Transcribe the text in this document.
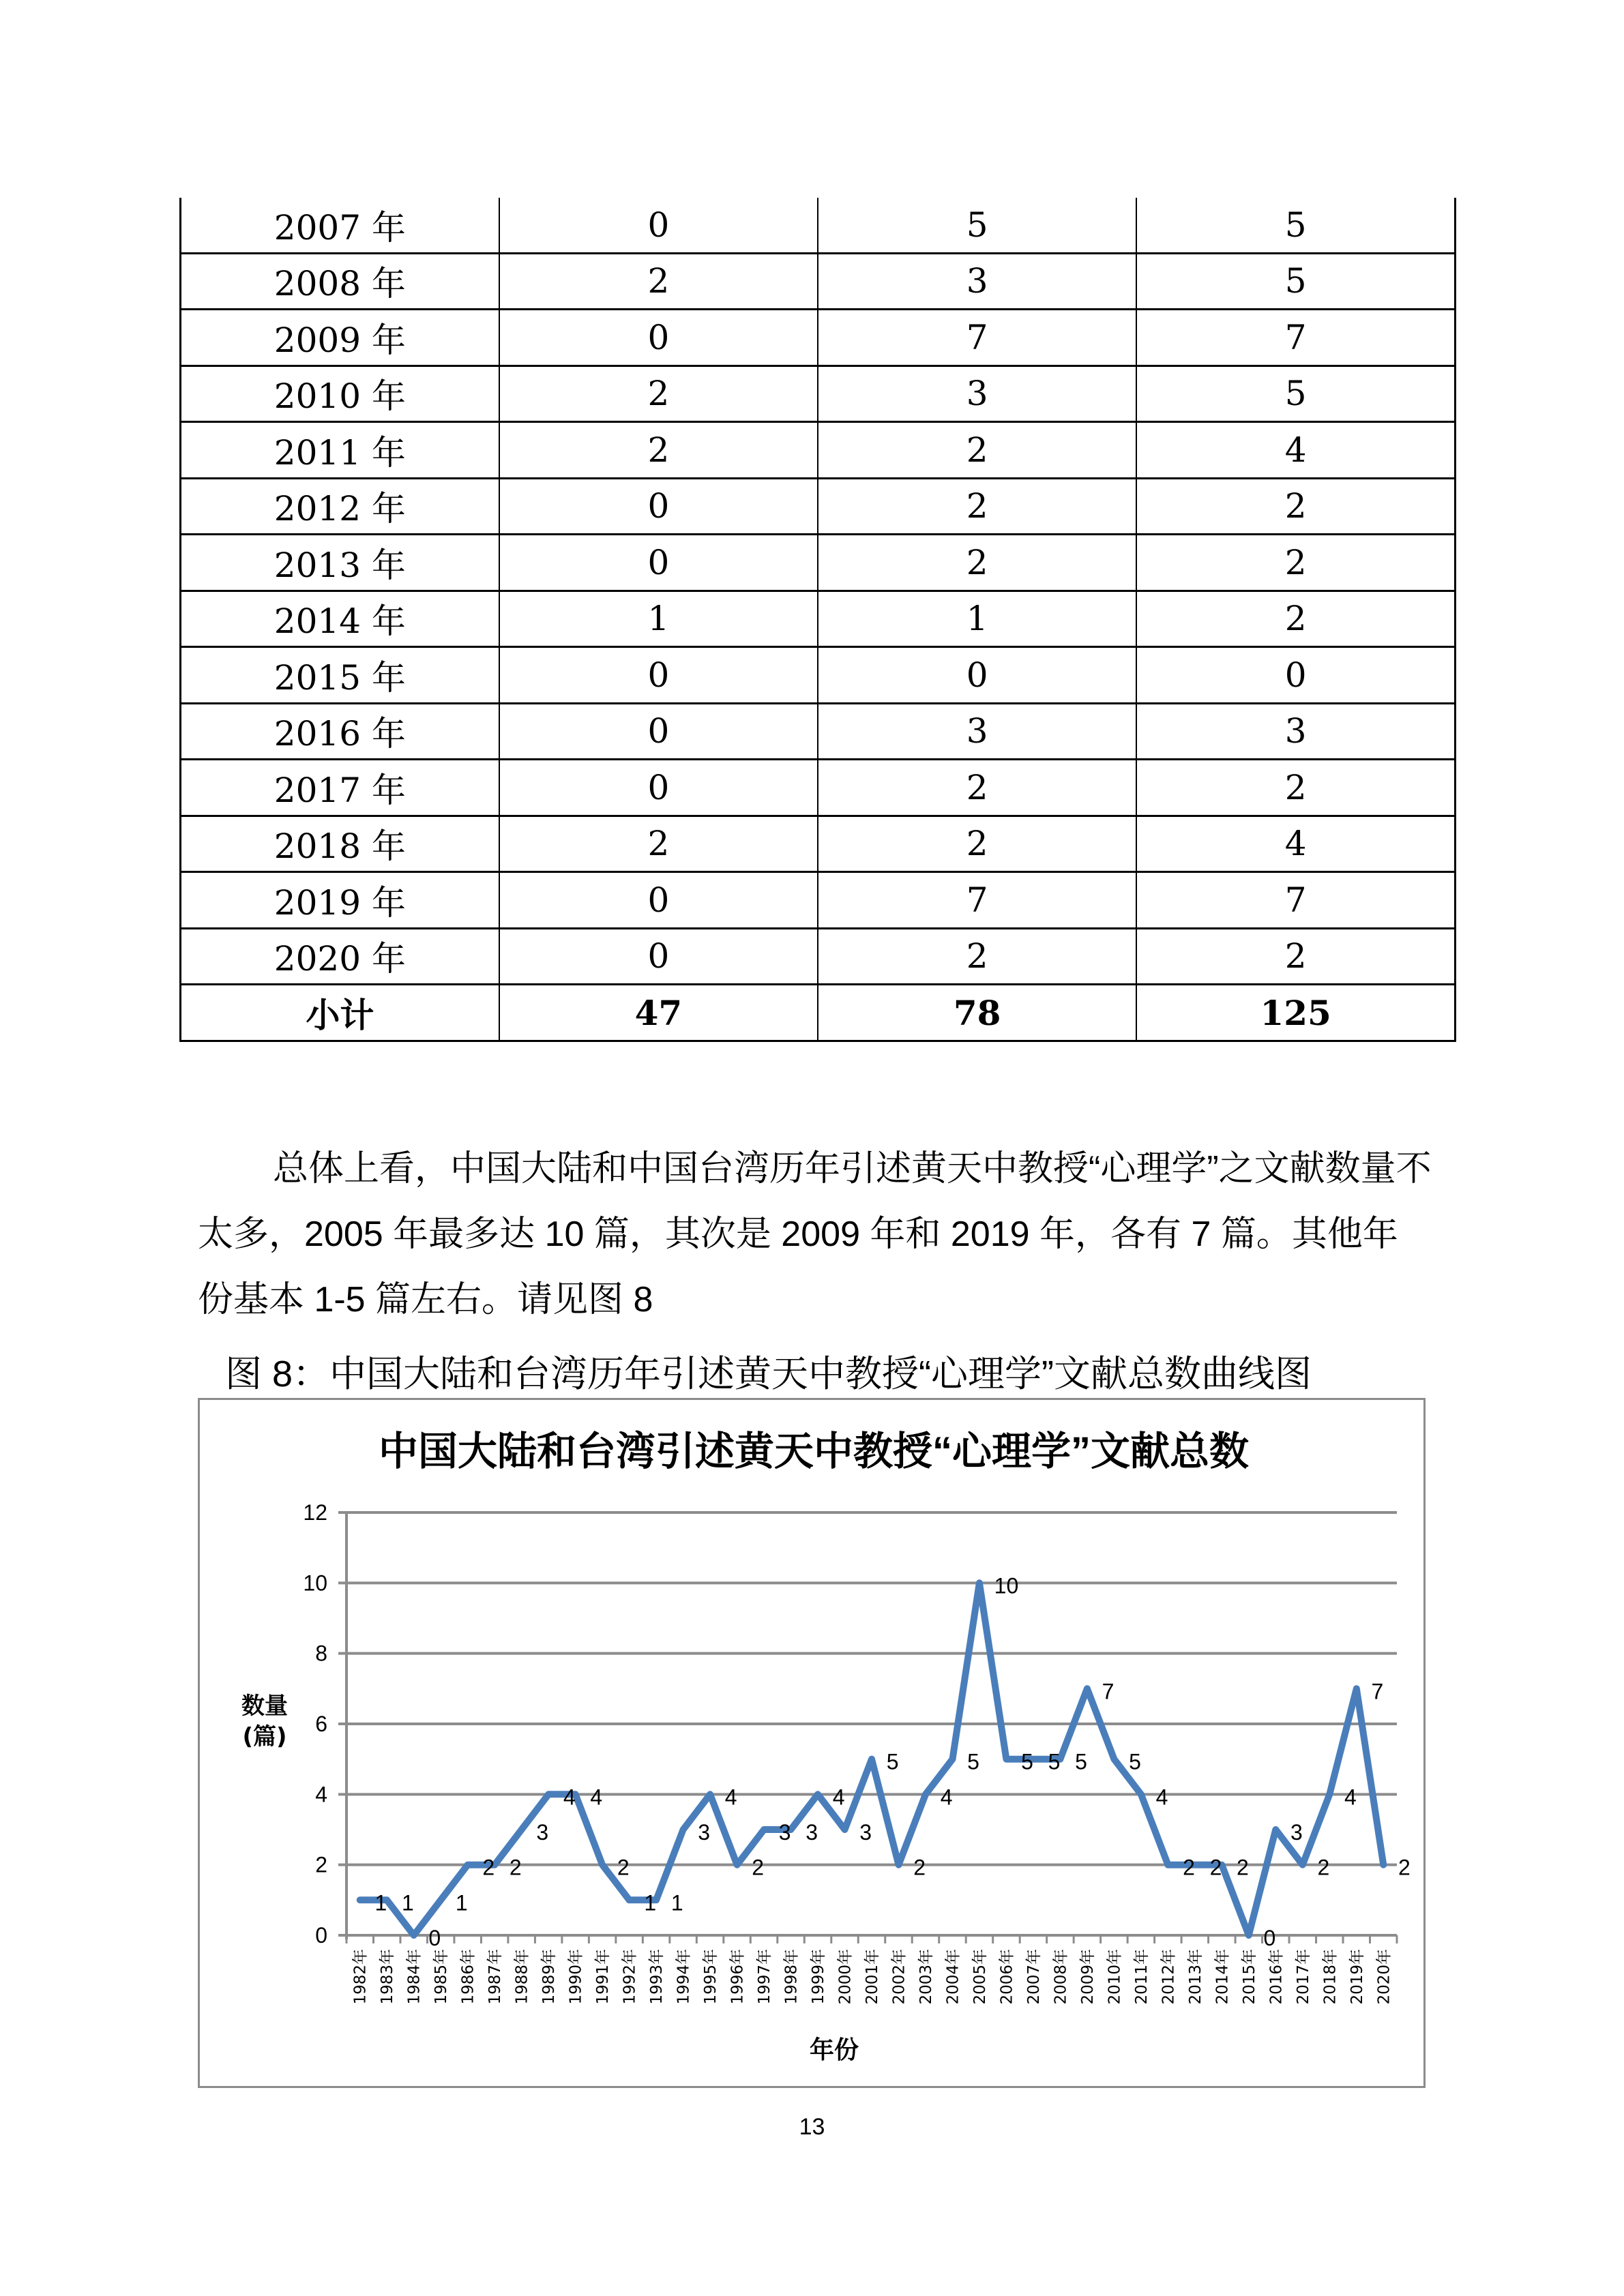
2007 年	0	5	5
2008 年	2	3	5
2009 年	0	7	7
2010 年	2	3	5
2011 年	2	2	4
2012 年	0	2	2
2013 年	0	2	2
2014 年	1	1	2
2015 年	0	0	0
2016 年	0	3	3
2017 年	0	2	2
2018 年	2	2	4
2019 年	0	7	7
2020 年	0	2	2
小计	47	78	125

总体上看，中国大陆和中国台湾历年引述黄天中教授“心理学”之文献数量不太多，2005 年最多达 10 篇，其次是 2009 年和 2019 年，各有 7 篇。其他年份基本 1-5 篇左右。请见图 8

图 8：中国大陆和台湾历年引述黄天中教授“心理学”文献总数曲线图
中国大陆和台湾引述黄天中教授“心理学”文献总数
0
2
4
6
8
10
12
1982年 1983年 1984年 1985年 1986年 1987年 1988年 1989年 1990年 1991年 1992年 1993年 1994年 1995年 1996年 1997年 1998年 1999年 2000年 2001年 2002年 2003年 2004年 2005年 2006年 2007年 2008年 2009年 2010年 2011年 2012年 2013年 2014年 2015年 2016年 2017年 2018年 2019年 2020年
1 1
0
1
2 2
3
4 4
2
1 1
3
4
2
3 3
4
3
5
2
4
5
10
5 5 5
7
5
4
2 2 2
0
3
2
4
7
2
数量
(篇)
年份
13
